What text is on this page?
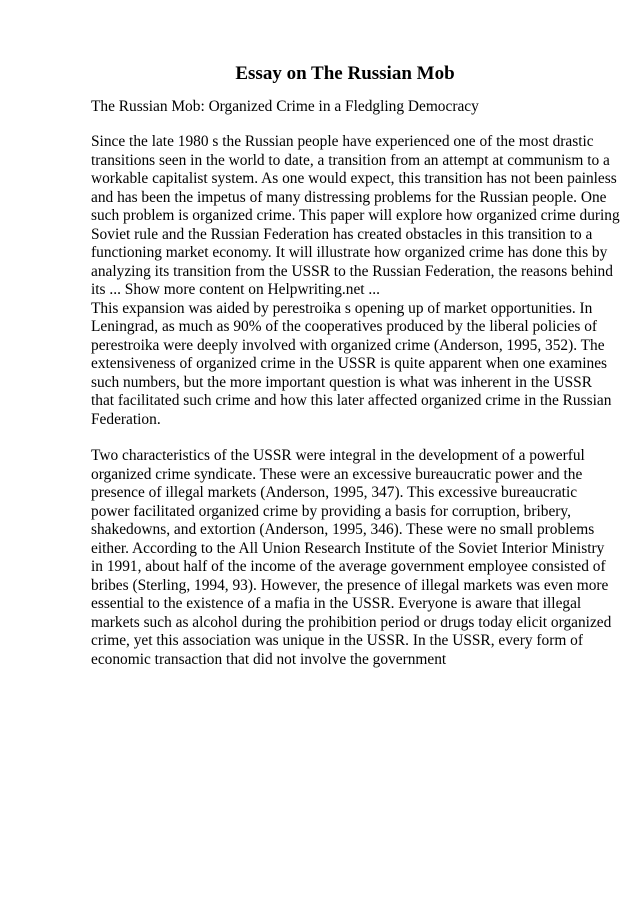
Essay on The Russian Mob

The Russian Mob: Organized Crime in a Fledgling Democracy

Since the late 1980 s the Russian people have experienced one of the most drastic
transitions seen in the world to date, a transition from an attempt at communism to a
workable capitalist system. As one would expect, this transition has not been painless
and has been the impetus of many distressing problems for the Russian people. One
such problem is organized crime. This paper will explore how organized crime during
Soviet rule and the Russian Federation has created obstacles in this transition to a
functioning market economy. It will illustrate how organized crime has done this by
analyzing its transition from the USSR to the Russian Federation, the reasons behind
its ... Show more content on Helpwriting.net ...
This expansion was aided by perestroika s opening up of market opportunities. In
Leningrad, as much as 90% of the cooperatives produced by the liberal policies of
perestroika were deeply involved with organized crime (Anderson, 1995, 352). The
extensiveness of organized crime in the USSR is quite apparent when one examines
such numbers, but the more important question is what was inherent in the USSR
that facilitated such crime and how this later affected organized crime in the Russian
Federation.
Two characteristics of the USSR were integral in the development of a powerful
organized crime syndicate. These were an excessive bureaucratic power and the
presence of illegal markets (Anderson, 1995, 347). This excessive bureaucratic
power facilitated organized crime by providing a basis for corruption, bribery,
shakedowns, and extortion (Anderson, 1995, 346). These were no small problems
either. According to the All Union Research Institute of the Soviet Interior Ministry
in 1991, about half of the income of the average government employee consisted of
bribes (Sterling, 1994, 93). However, the presence of illegal markets was even more
essential to the existence of a mafia in the USSR. Everyone is aware that illegal
markets such as alcohol during the prohibition period or drugs today elicit organized
crime, yet this association was unique in the USSR. In the USSR, every form of
economic transaction that did not involve the government
